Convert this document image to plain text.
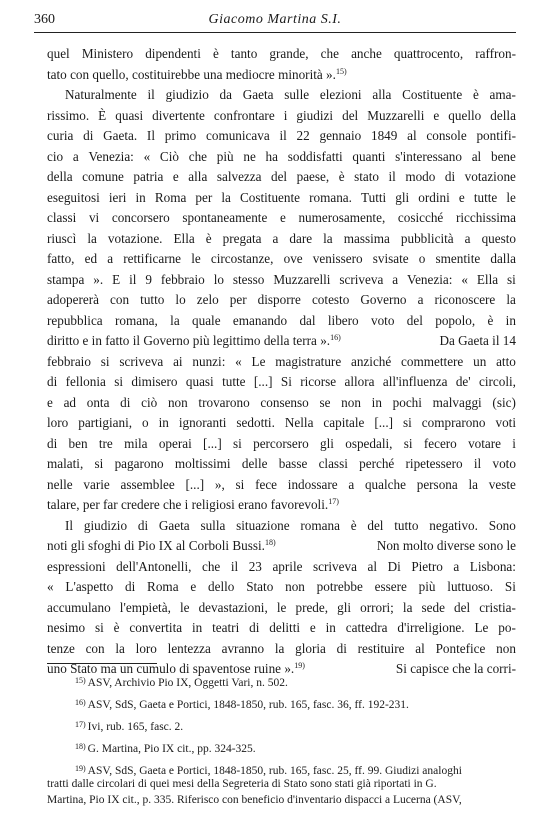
360	Giacomo Martina S.I.
quel Ministero dipendenti è tanto grande, che anche quattrocento, raffron-
tato con quello, costituirebbe una mediocre minorità ».$^{15)}$
Naturalmente il giudizio da Gaeta sulle elezioni alla Costituente è ama-
rissimo. È quasi divertente confrontare i giudizi del Muzzarelli e quello della
curia di Gaeta. Il primo comunicava il 22 gennaio 1849 al console pontifi-
cio a Venezia: « Ciò che più ne ha soddisfatti quanti s'interessano al bene
della comune patria e alla salvezza del paese, è stato il modo di votazione
eseguitosi ieri in Roma per la Costituente romana. Tutti gli ordini e tutte le
classi vi concorsero spontaneamente e numerosamente, cosicché ricchissima
riuscì la votazione. Ella è pregata a dare la massima pubblicità a questo
fatto, ed a rettificarne le circostanze, ove venissero svisate o smentite dalla
stampa ». E il 9 febbraio lo stesso Muzzarelli scriveva a Venezia: « Ella si
adopererà con tutto lo zelo per disporre cotesto Governo a riconoscere la
repubblica romana, la quale emanando dal libero voto del popolo, è in
diritto e in fatto il Governo più legittimo della terra ».$^{16)}$	Da Gaeta il 14
febbraio si scriveva ai nunzi: « Le magistrature anziché commettere un atto
di fellonia si dimisero quasi tutte [...] Si ricorse allora all'influenza de' circoli,
e ad onta di ciò non trovarono consenso se non in pochi malvaggi (sic)
loro partigiani, o in ignoranti sedotti. Nella capitale [...] si comprarono voti
di ben tre mila operai [...] si percorsero gli ospedali, si fecero votare i
malati, si pagarono moltissimi delle basse classi perché ripetessero il voto
nelle varie assemblee [...] », si fece indossare a qualche persona la veste
talare, per far credere che i religiosi erano favorevoli.$^{17)}$
Il giudizio di Gaeta sulla situazione romana è del tutto negativo. Sono
noti gli sfoghi di Pio IX al Corboli Bussi.$^{18)}$	Non molto diverse sono le
espressioni dell'Antonelli, che il 23 aprile scriveva al Di Pietro a Lisbona:
« L'aspetto di Roma e dello Stato non potrebbe essere più luttuoso. Si
accumulano l'empietà, le devastazioni, le prede, gli orrori; la sede del cristia-
nesimo si è convertita in teatri di delitti e in cattedra d'irreligione. Le po-
tenze con la loro lentezza avranno la gloria di restituire al Pontefice non
uno Stato ma un cumulo di spaventose ruine ».$^{19)}$	Si capisce che la corri-
$^{15)}$ ASV, Archivio Pio IX, Oggetti Vari, n. 502.
$^{16)}$ ASV, SdS, Gaeta e Portici, 1848-1850, rub. 165, fasc. 36, ff. 192-231.
$^{17)}$ Ivi, rub. 165, fasc. 2.
$^{18)}$ G. Martina, Pio IX cit., pp. 324-325.
$^{19)}$ ASV, SdS, Gaeta e Portici, 1848-1850, rub. 165, fasc. 25, ff. 99. Giudizi analoghi
tratti dalle circolari di quei mesi della Segreteria di Stato sono stati già riportati in G.
Martina, Pio IX cit., p. 335. Riferisco con beneficio d'inventario dispacci a Lucerna (ASV,
